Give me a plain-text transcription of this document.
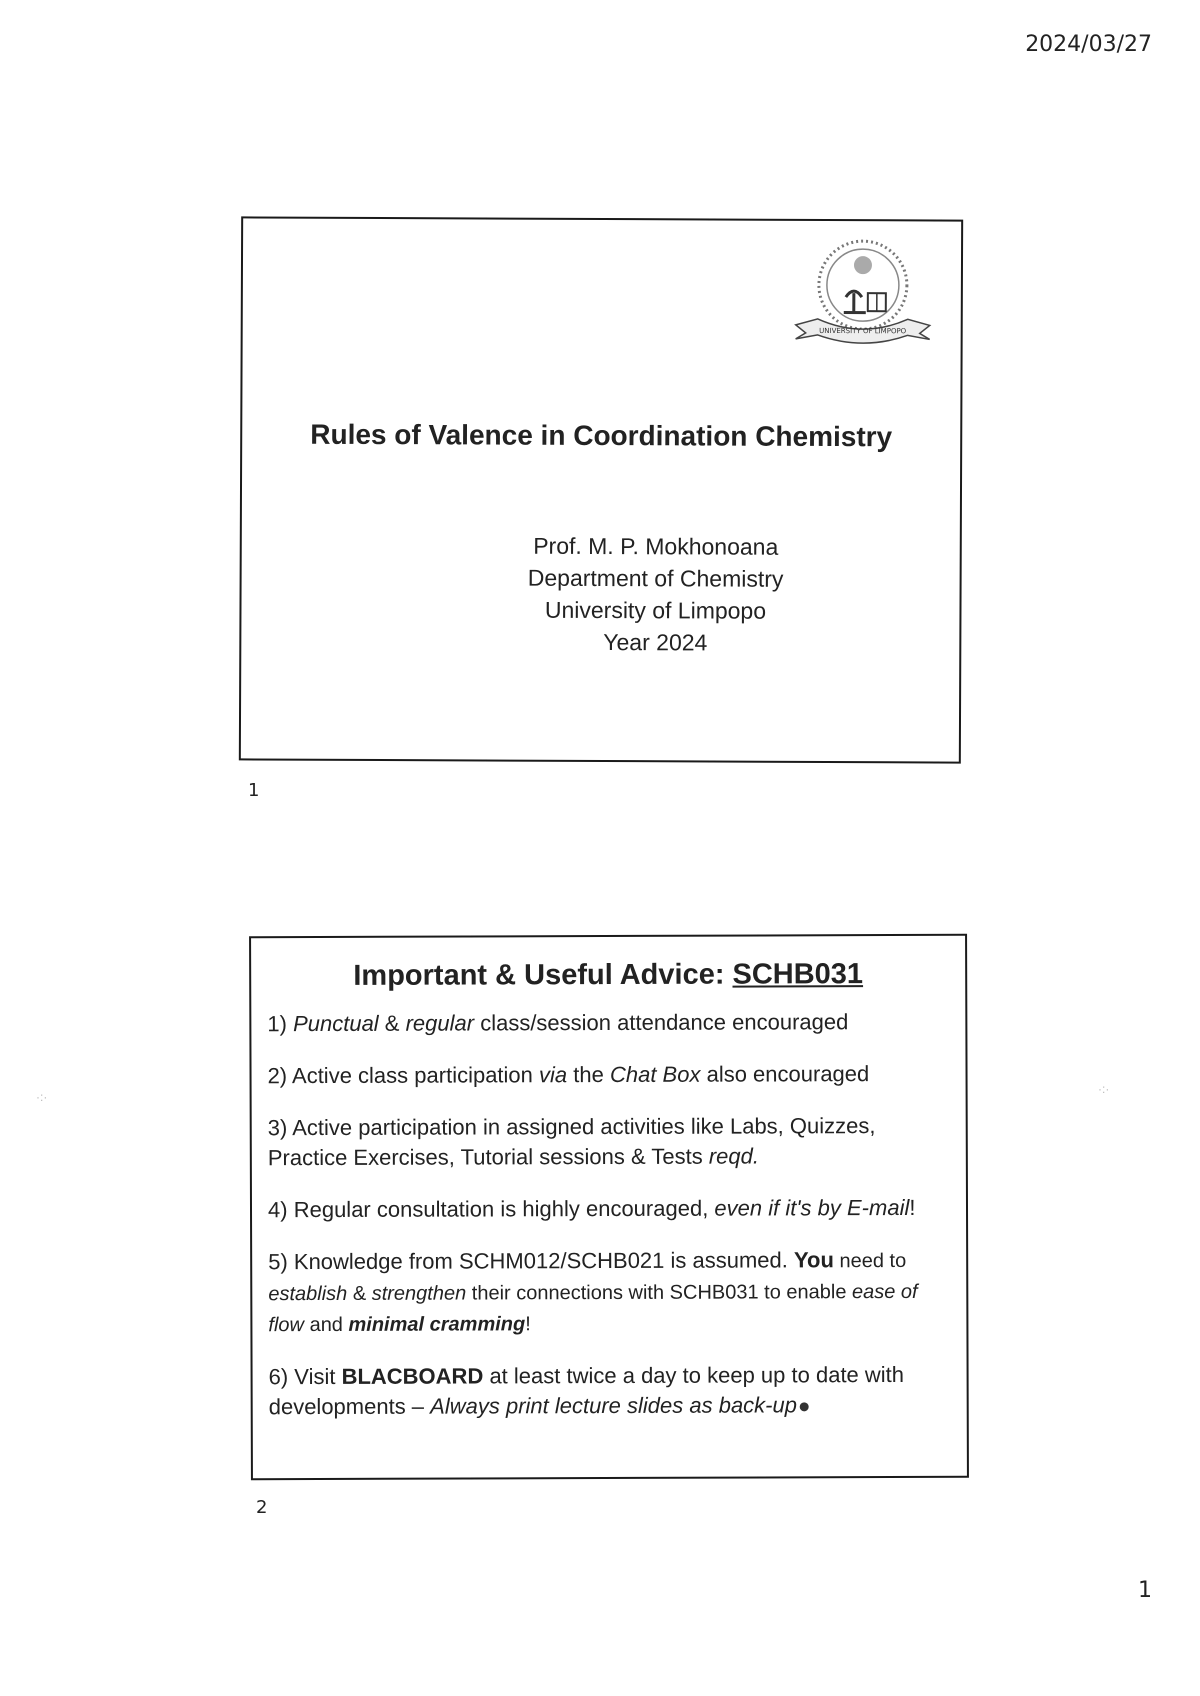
2024/03/27
UNIVERSITY OF LIMPOPO
Rules of Valence in Coordination Chemistry
Prof. M. P. Mokhonoana
Department of Chemistry
University of Limpopo
Year 2024
1
Important & Useful Advice: SCHB031
1) Punctual & regular class/session attendance encouraged
2) Active class participation via the Chat Box also encouraged
3) Active participation in assigned activities like Labs, Quizzes, Practice Exercises, Tutorial sessions & Tests reqd.
4) Regular consultation is highly encouraged, even if it's by E-mail!
5) Knowledge from SCHM012/SCHB021 is assumed. You need to establish & strengthen their connections with SCHB031 to enable ease of flow and minimal cramming!
6) Visit BLACBOARD at least twice a day to keep up to date with developments – Always print lecture slides as back-up
2
·:·
·:·
1
